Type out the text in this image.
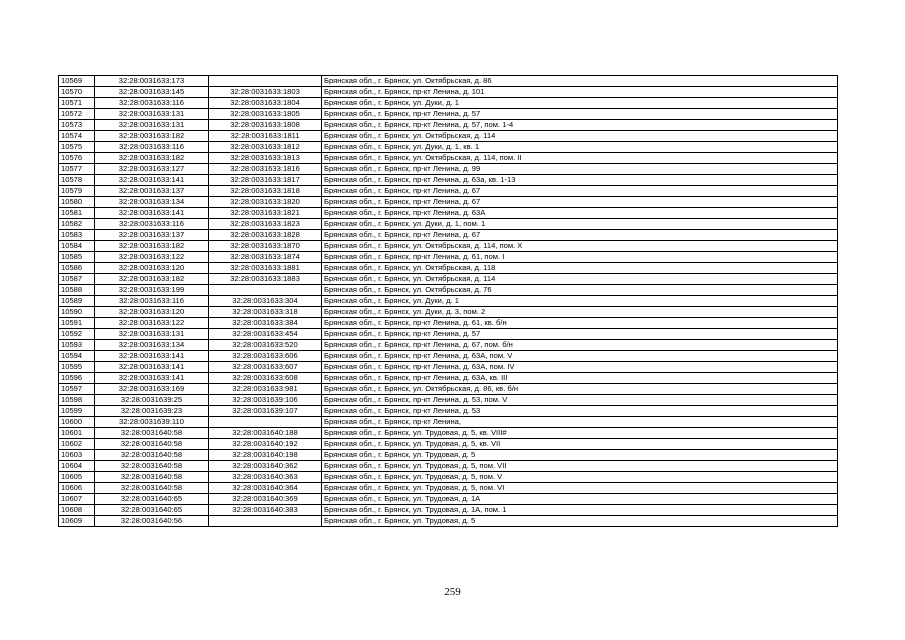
10569	32:28:0031633:173		Брянская обл., г. Брянск, ул. Октябрьская, д. 86
10570	32:28:0031633:145	32:28:0031633:1803	Брянская обл., г. Брянск, пр-кт Ленина, д. 101
10571	32:28:0031633:116	32:28:0031633:1804	Брянская обл., г. Брянск, ул. Дуки, д. 1
10572	32:28:0031633:131	32:28:0031633:1805	Брянская обл., г. Брянск, пр-кт Ленина, д. 57
10573	32:28:0031633:131	32:28:0031633:1808	Брянская обл., г. Брянск, пр-кт Ленина, д. 57, пом. 1-4
10574	32:28:0031633:182	32:28:0031633:1811	Брянская обл., г. Брянск, ул. Октябрьская, д. 114
10575	32:28:0031633:116	32:28:0031633:1812	Брянская обл., г. Брянск, ул. Дуки, д. 1, кв. 1
10576	32:28:0031633:182	32:28:0031633:1813	Брянская обл., г. Брянск, ул. Октябрьская, д. 114, пом. II
10577	32:28:0031633:127	32:28:0031633:1816	Брянская обл., г. Брянск, пр-кт Ленина, д. 99
10578	32:28:0031633:141	32:28:0031633:1817	Брянская обл., г. Брянск, пр-кт Ленина, д. 63а, кв. 1-13
10579	32:28:0031633:137	32:28:0031633:1818	Брянская обл., г. Брянск, пр-кт Ленина, д. 67
10580	32:28:0031633:134	32:28:0031633:1820	Брянская обл., г. Брянск, пр-кт Ленина, д. 67
10581	32:28:0031633:141	32:28:0031633:1821	Брянская обл., г. Брянск, пр-кт Ленина, д. 63А
10582	32:28:0031633:116	32:28:0031633:1823	Брянская обл., г. Брянск, ул. Дуки, д. 1, пом. 1
10583	32:28:0031633:137	32:28:0031633:1828	Брянская обл., г. Брянск, пр-кт Ленина, д. 67
10584	32:28:0031633:182	32:28:0031633:1870	Брянская обл., г. Брянск, ул. Октябрьская, д. 114, пом. X
10585	32:28:0031633:122	32:28:0031633:1874	Брянская обл., г. Брянск, пр-кт Ленина, д. 61, пом. I
10586	32:28:0031633:120	32:28:0031633:1881	Брянская обл., г. Брянск, ул. Октябрьская, д. 118
10587	32:28:0031633:182	32:28:0031633:1883	Брянская обл., г. Брянск, ул. Октябрьская, д. 114
10588	32:28:0031633:199		Брянская обл., г. Брянск, ул. Октябрьская, д. 76
10589	32:28:0031633:116	32:28:0031633:304	Брянская обл., г. Брянск, ул. Дуки, д. 1
10590	32:28:0031633:120	32:28:0031633:318	Брянская обл., г. Брянск, ул. Дуки, д. 3, пом. 2
10591	32:28:0031633:122	32:28:0031633:384	Брянская обл., г. Брянск, пр-кт Ленина, д. 61, кв. б/н
10592	32:28:0031633:131	32:28:0031633:454	Брянская обл., г. Брянск, пр-кт Ленина, д. 57
10593	32:28:0031633:134	32:28:0031633:520	Брянская обл., г. Брянск, пр-кт Ленина, д. 67, пом. б/н
10594	32:28:0031633:141	32:28:0031633:606	Брянская обл., г. Брянск, пр-кт Ленина, д. 63А, пом. V
10595	32:28:0031633:141	32:28:0031633:607	Брянская обл., г. Брянск, пр-кт Ленина, д. 63А, пом. IV
10596	32:28:0031633:141	32:28:0031633:608	Брянская обл., г. Брянск, пр-кт Ленина, д. 63А, кв. III
10597	32:28:0031633:169	32:28:0031633:981	Брянская обл., г. Брянск, ул. Октябрьская, д. 86, кв. б/н
10598	32:28:0031639:25	32:28:0031639:106	Брянская обл., г. Брянск, пр-кт Ленина, д. 53, пом. V
10599	32:28:0031639:23	32:28:0031639:107	Брянская обл., г. Брянск, пр-кт Ленина, д. 53
10600	32:28:0031639:110		Брянская обл., г. Брянск, пр-кт Ленина,
10601	32:28:0031640:58	32:28:0031640:188	Брянская обл., г. Брянск, ул. Трудовая, д. 5, кв. VIII#
10602	32:28:0031640:58	32:28:0031640:192	Брянская обл., г. Брянск, ул. Трудовая, д. 5, кв. VII
10603	32:28:0031640:58	32:28:0031640:198	Брянская обл., г. Брянск, ул. Трудовая, д. 5
10604	32:28:0031640:58	32:28:0031640:362	Брянская обл., г. Брянск, ул. Трудовая, д. 5, пом. VII
10605	32:28:0031640:58	32:28:0031640:363	Брянская обл., г. Брянск, ул. Трудовая, д. 5, пом. V
10606	32:28:0031640:58	32:28:0031640:364	Брянская обл., г. Брянск, ул. Трудовая, д. 5, пом. VI
10607	32:28:0031640:65	32:28:0031640:369	Брянская обл., г. Брянск, ул. Трудовая, д. 1А
10608	32:28:0031640:65	32:28:0031640:383	Брянская обл., г. Брянск, ул. Трудовая, д. 1А, пом. 1
10609	32:28:0031640:56		Брянская обл., г. Брянск, ул. Трудовая, д. 5
259
